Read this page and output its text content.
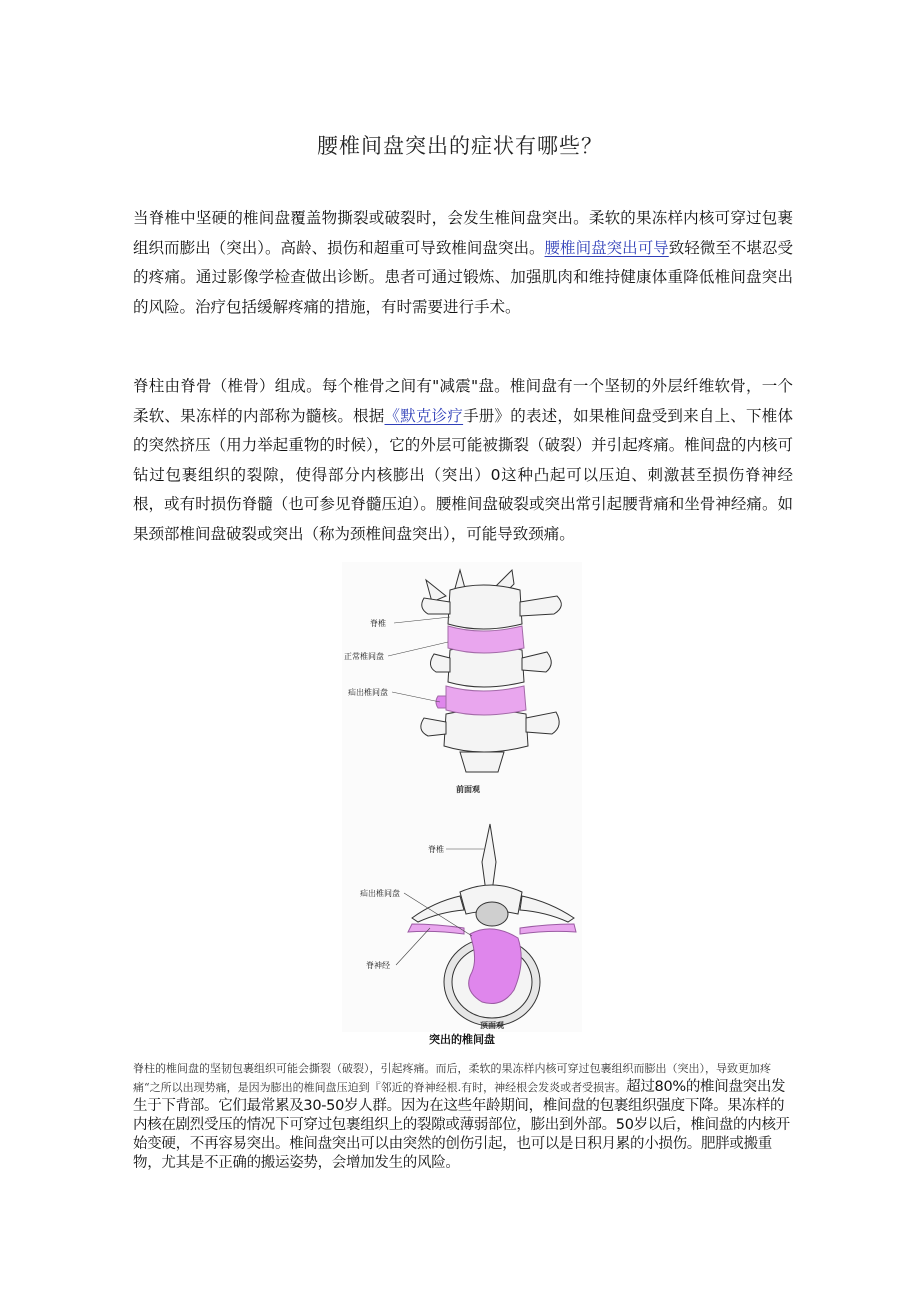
腰椎间盘突出的症状有哪些？
当脊椎中坚硬的椎间盘覆盖物撕裂或破裂时，会发生椎间盘突出。柔软的果冻样内核可穿过包裹组织而膨出（突出）。高龄、损伤和超重可导致椎间盘突出。腰椎间盘突出可导致轻微至不堪忍受的疼痛。通过影像学检查做出诊断。患者可通过锻炼、加强肌肉和维持健康体重降低椎间盘突出的风险。治疗包括缓解疼痛的措施，有时需要进行手术。
脊柱由脊骨（椎骨）组成。每个椎骨之间有"减震"盘。椎间盘有一个坚韧的外层纤维软骨，一个柔软、果冻样的内部称为髓核。根据《默克诊疗手册》的表述，如果椎间盘受到来自上、下椎体的突然挤压（用力举起重物的时候），它的外层可能被撕裂（破裂）并引起疼痛。椎间盘的内核可钻过包裹组织的裂隙，使得部分内核膨出（突出）0这种凸起可以压迫、刺激甚至损伤脊神经根，或有时损伤脊髓（也可参见脊髓压迫）。腰椎间盘破裂或突出常引起腰背痛和坐骨神经痛。如果颈部椎间盘破裂或突出（称为颈椎间盘突出），可能导致颈痛。
脊椎
正常椎间盘
疝出椎间盘
前面观
脊椎
疝出椎间盘
脊神经
顶面观
突出的椎间盘
脊柱的椎间盘的坚韧包裹组织可能会撕裂（破裂），引起疼痛。而后，柔软的果冻样内核可穿过包裹组织而膨出（突出），导致更加疼痛“之所以出现势痛，是因为膨出的椎间盘压迫到『邻近的脊神经根.有时，神经根会发炎或者受损害。超过80%的椎间盘突出发生于下背部。它们最常累及30-50岁人群。因为在这些年龄期间，椎间盘的包裹组织强度下降。果冻样的内核在剧烈受压的情况下可穿过包裹组织上的裂隙或薄弱部位，膨出到外部。50岁以后，椎间盘的内核开始变硬，不再容易突出。椎间盘突出可以由突然的创伤引起，也可以是日积月累的小损伤。肥胖或搬重物，尤其是不正确的搬运姿势，会增加发生的风险。
